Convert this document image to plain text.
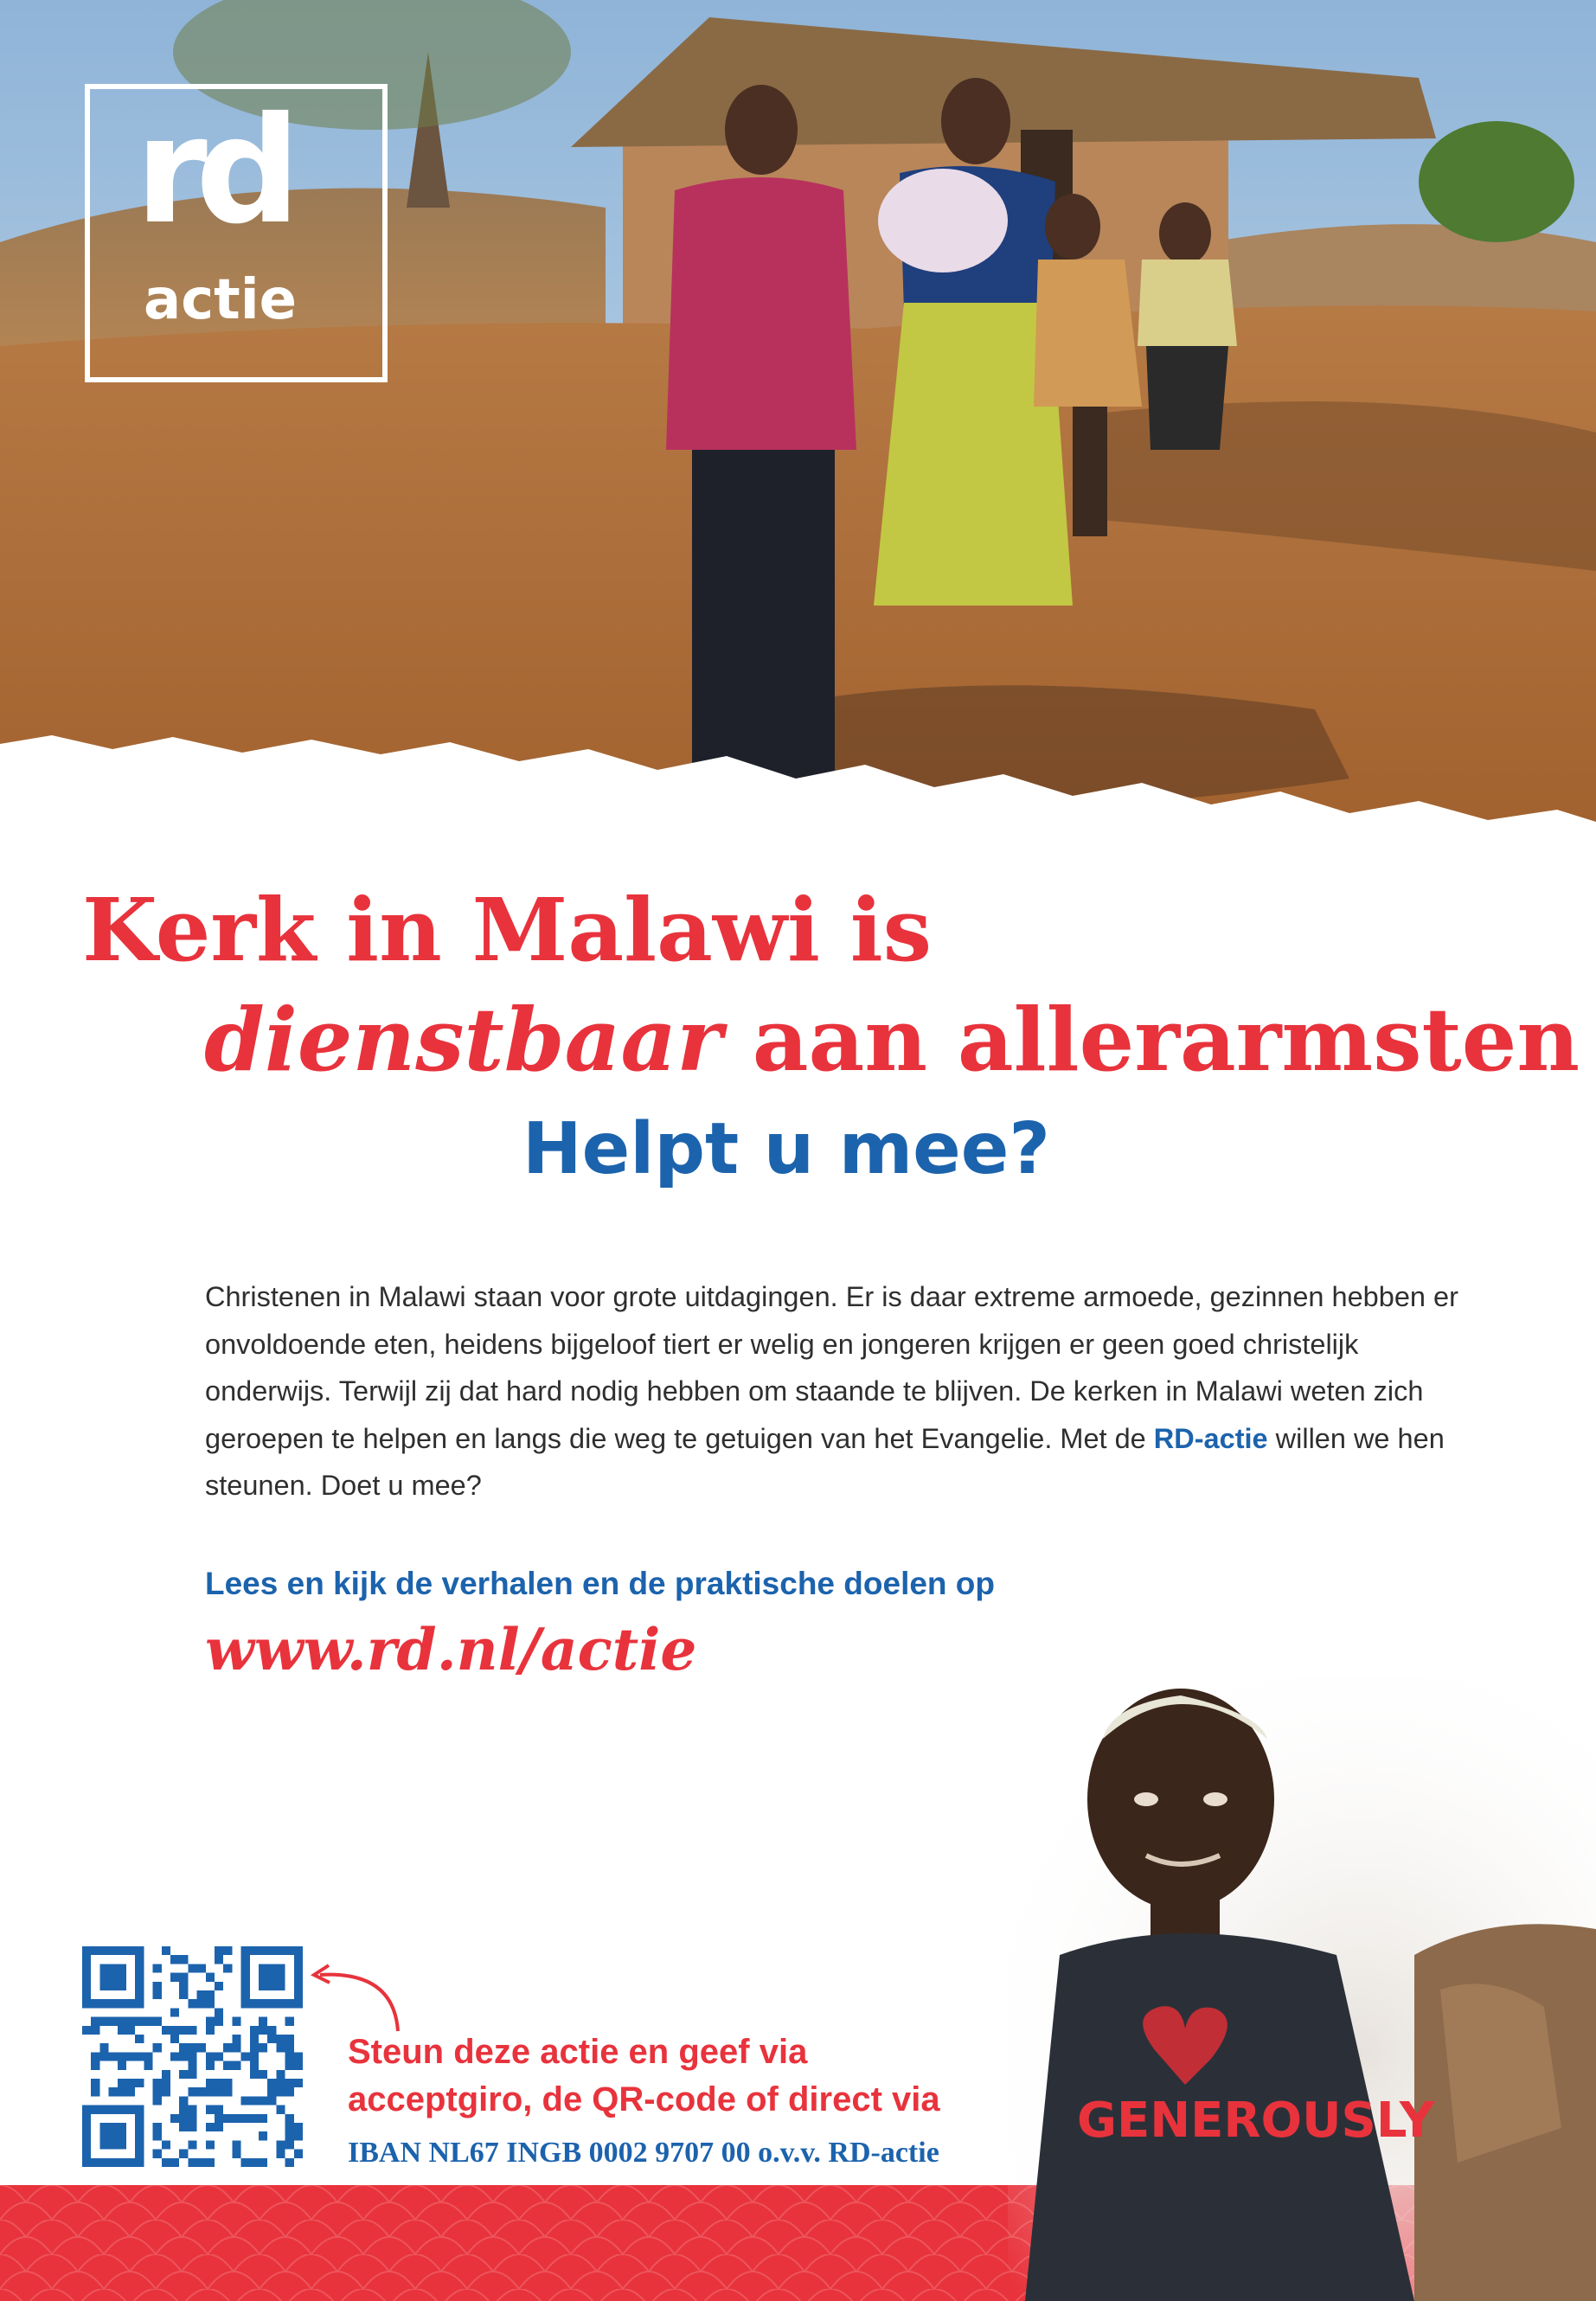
rd
actie
Kerk in Malawi is
dienstbaar aan allerarmsten
Helpt u mee?

Christenen in Malawi staan voor grote uitdagingen. Er is daar extreme armoede, gezinnen hebben er onvoldoende eten, heidens bijgeloof tiert er welig en jongeren krijgen er geen goed christelijk onderwijs. Terwijl zij dat hard nodig hebben om staande te blijven. De kerken in Malawi weten zich geroepen te helpen en langs die weg te getuigen van het Evangelie. Met de RD-actie willen we hen steunen. Doet u mee?

Lees en kijk de verhalen en de praktische doelen op
www.rd.nl/actie
GENEROUSLY
Steun deze actie en geef via
acceptgiro, de QR-code of direct via
IBAN NL67 INGB 0002 9707 00 o.v.v. RD-actie
